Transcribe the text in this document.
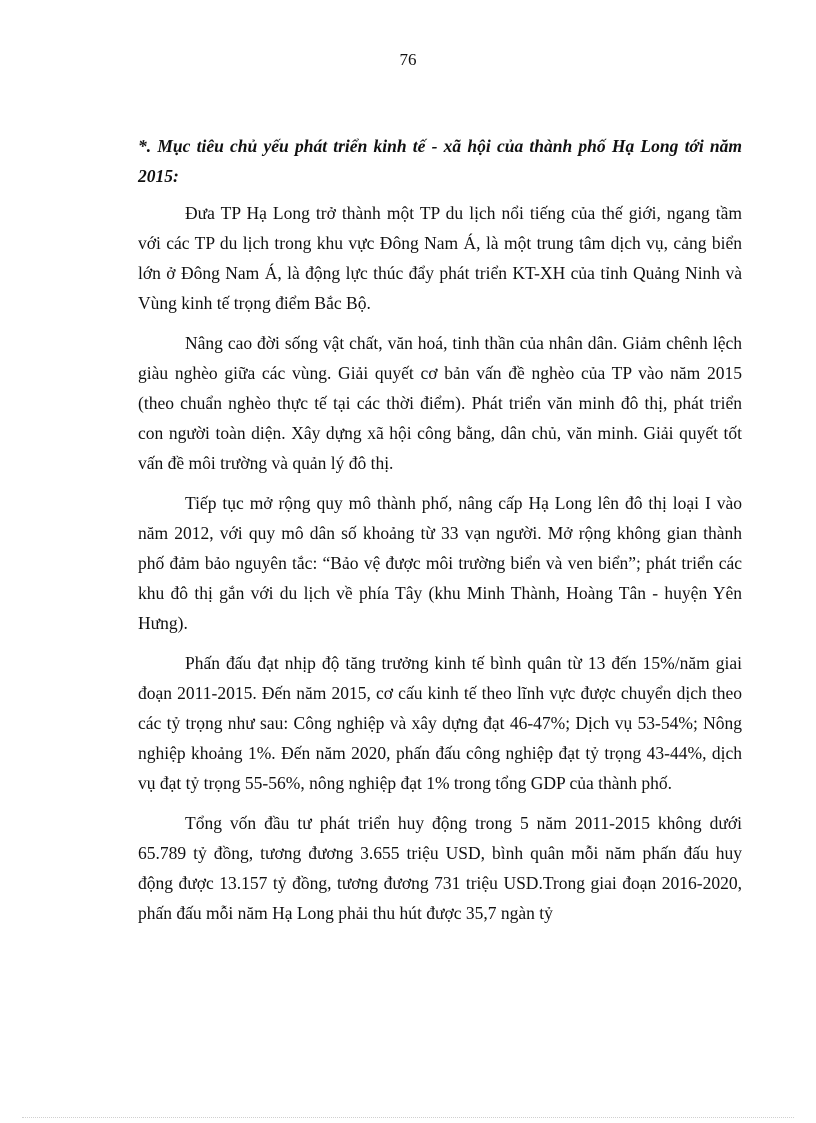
76

*. Mục tiêu chủ yếu phát triển kinh tế - xã hội của thành phố Hạ Long tới năm 2015:

Đưa TP Hạ Long trở thành một TP du lịch nổi tiếng của thế giới, ngang tầm với các TP du lịch trong khu vực Đông Nam Á, là một trung tâm dịch vụ, cảng biển lớn ở Đông Nam Á, là động lực thúc đẩy phát triển KT-XH của tỉnh Quảng Ninh và Vùng kinh tế trọng điểm Bắc Bộ.

Nâng cao đời sống vật chất, văn hoá, tinh thần của nhân dân. Giảm chênh lệch giàu nghèo giữa các vùng. Giải quyết cơ bản vấn đề nghèo của TP vào năm 2015 (theo chuẩn nghèo thực tế tại các thời điểm). Phát triển văn minh đô thị, phát triển con người toàn diện. Xây dựng xã hội công bằng, dân chủ, văn minh. Giải quyết tốt vấn đề môi trường và quản lý đô thị.

Tiếp tục mở rộng quy mô thành phố, nâng cấp Hạ Long lên đô thị loại I vào năm 2012, với quy mô dân số khoảng từ 33 vạn người. Mở rộng không gian thành phố đảm bảo nguyên tắc: “Bảo vệ được môi trường biển và ven biển”; phát triển các khu đô thị gắn với du lịch về phía Tây (khu Minh Thành, Hoàng Tân - huyện Yên Hưng).

Phấn đấu đạt nhịp độ tăng trưởng kinh tế bình quân từ 13 đến 15%/năm giai đoạn 2011-2015. Đến năm 2015, cơ cấu kinh tế theo lĩnh vực được chuyển dịch theo các tỷ trọng như sau: Công nghiệp và xây dựng đạt 46-47%; Dịch vụ 53-54%; Nông nghiệp khoảng 1%. Đến năm 2020, phấn đấu công nghiệp đạt tỷ trọng 43-44%, dịch vụ đạt tỷ trọng 55-56%, nông nghiệp đạt 1% trong tổng GDP của thành phố.

Tổng vốn đầu tư phát triển huy động trong 5 năm 2011-2015 không dưới 65.789 tỷ đồng, tương đương 3.655 triệu USD, bình quân mỗi năm phấn đấu huy động được 13.157 tỷ đồng, tương đương 731 triệu USD.Trong giai đoạn 2016-2020, phấn đấu mỗi năm Hạ Long phải thu hút được 35,7 ngàn tỷ
